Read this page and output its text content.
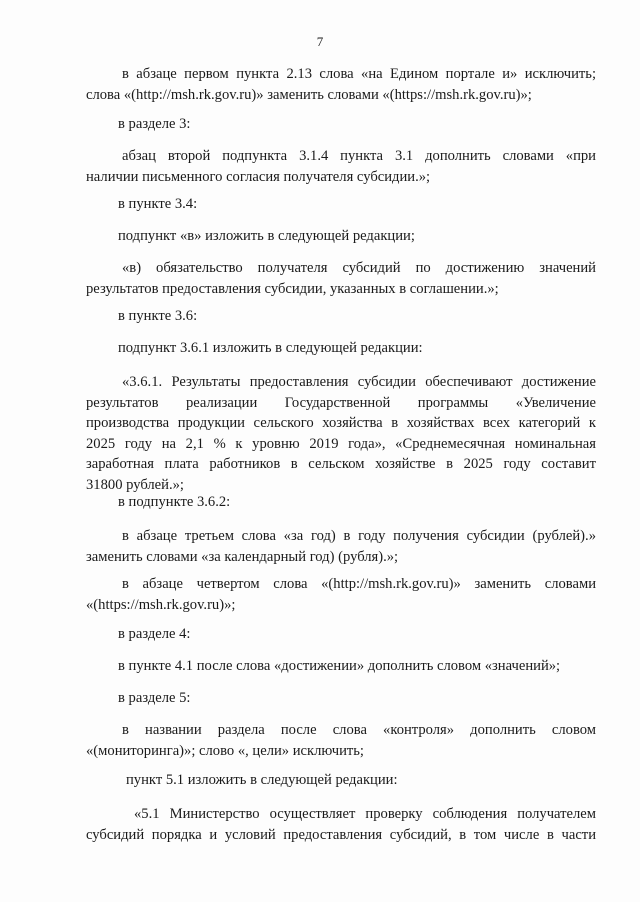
7
в абзаце первом пункта 2.13 слова «на Едином портале и» исключить;
слова «(http://msh.rk.gov.ru)» заменить словами «(https://msh.rk.gov.ru)»;
в разделе 3:
абзац второй подпункта 3.1.4 пункта 3.1 дополнить словами «при
наличии письменного согласия получателя субсидии.»;
в пункте 3.4:
подпункт «в» изложить в следующей редакции;
«в) обязательство получателя субсидий по достижению значений
результатов предоставления субсидии, указанных в соглашении.»;
в пункте 3.6:
подпункт 3.6.1 изложить в следующей редакции:
«3.6.1. Результаты предоставления субсидии обеспечивают достижение
результатов реализации Государственной программы «Увеличение
производства продукции сельского хозяйства в хозяйствах всех категорий к
2025 году на 2,1 % к уровню 2019 года», «Среднемесячная номинальная
заработная плата работников в сельском хозяйстве в 2025 году составит
31800 рублей.»;
в подпункте 3.6.2:
в абзаце третьем слова «за год) в году получения субсидии (рублей).»
заменить словами «за календарный год) (рубля).»;
в абзаце четвертом слова «(http://msh.rk.gov.ru)» заменить словами
«(https://msh.rk.gov.ru)»;
в разделе 4:
в пункте 4.1 после слова «достижении» дополнить словом «значений»;
в разделе 5:
в названии раздела после слова «контроля» дополнить словом
«(мониторинга)»; слово «, цели» исключить;
пункт 5.1 изложить в следующей редакции:
«5.1 Министерство осуществляет проверку соблюдения получателем
субсидий порядка и условий предоставления субсидий, в том числе в части
